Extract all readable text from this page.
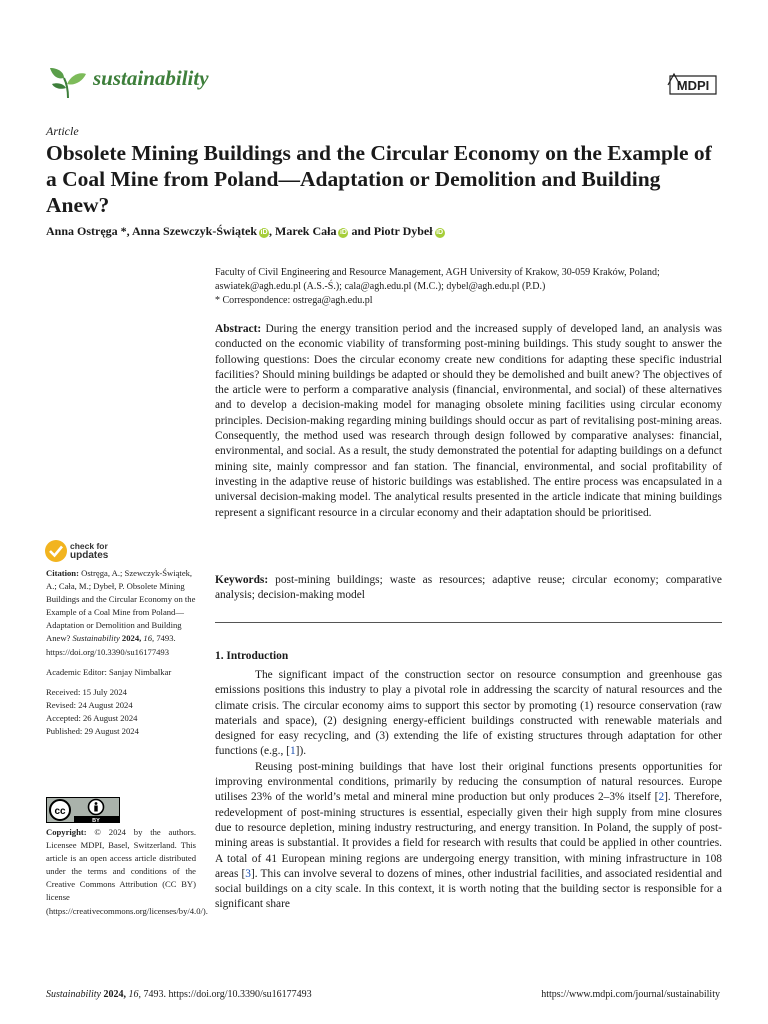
sustainability	MDPI
Article
Obsolete Mining Buildings and the Circular Economy on the Example of a Coal Mine from Poland—Adaptation or Demolition and Building Anew?
Anna Ostręga *, Anna Szewczyk-Świątek iD , Marek Cała iD and Piotr Dybeł iD
Faculty of Civil Engineering and Resource Management, AGH University of Krakow, 30-059 Kraków, Poland;
aswiatek@agh.edu.pl (A.S.-Ś.); cala@agh.edu.pl (M.C.); dybel@agh.edu.pl (P.D.)
* Correspondence: ostrega@agh.edu.pl
Abstract: During the energy transition period and the increased supply of developed land, an analysis was conducted on the economic viability of transforming post-mining buildings. This study sought to answer the following questions: Does the circular economy create new conditions for adapting these specific industrial facilities? Should mining buildings be adapted or should they be demolished and built anew? The objectives of the article were to perform a comparative analysis (financial, environmental, and social) of these alternatives and to develop a decision-making model for managing obsolete mining facilities using circular economy principles. Decision-making regarding mining buildings should occur as part of revitalising post-mining areas. Consequently, the method used was research through design followed by comparative analyses: financial, environmental, and social. As a result, the study demonstrated the potential for adapting buildings on a defunct mining site, mainly compressor and fan station. The financial, environmental, and social profitability of investing in the adaptive reuse of historic buildings was established. The entire process was encapsulated in a universal decision-making model. The analytical results presented in the article indicate that mining buildings represent a significant resource in a circular economy and their adaptation should be prioritised.
Keywords: post-mining buildings; waste as resources; adaptive reuse; circular economy; comparative analysis; decision-making model
check for
updates

Citation: Ostręga, A.; Szewczyk-Świątek, A.; Cała, M.; Dybeł, P. Obsolete Mining Buildings and the Circular Economy on the Example of a Coal Mine from Poland—Adaptation or Demolition and Building Anew? Sustainability 2024, 16, 7493. https://doi.org/10.3390/su16177493

Academic Editor: Sanjay Nimbalkar

Received: 15 July 2024

Revised: 24 August 2024

Accepted: 26 August 2024

Published: 29 August 2024

cc
BY
Copyright: © 2024 by the authors. Licensee MDPI, Basel, Switzerland. This article is an open access article distributed under the terms and conditions of the Creative Commons Attribution (CC BY) license (https://creativecommons.org/licenses/by/4.0/).
1. Introduction

The significant impact of the construction sector on resource consumption and greenhouse gas emissions positions this industry to play a pivotal role in addressing the scarcity of natural resources and the climate crisis. The circular economy aims to support this sector by promoting (1) resource conservation (raw materials and space), (2) designing energy-efficient buildings constructed with renewable materials and designed for easy recycling, and (3) extending the life of existing structures through adaptation for other functions (e.g., [1]).

Reusing post-mining buildings that have lost their original functions presents opportunities for improving environmental conditions, primarily by reducing the consumption of natural resources. Europe utilises 23% of the world’s metal and mineral mine production but only produces 2–3% itself [2]. Therefore, redevelopment of post-mining structures is essential, especially given their high supply from mine closures due to resource depletion, mining industry restructuring, and energy transition. In Poland, the supply of post-mining areas is substantial. It provides a field for research with results that could be applied in other countries. A total of 41 European mining regions are undergoing energy transition, with mining infrastructure in 108 areas [3]. This can involve several to dozens of mines, other industrial facilities, and associated residential and social buildings on a city scale. In this context, it is worth noting that the building sector is responsible for a significant share

Sustainability 2024, 16, 7493. https://doi.org/10.3390/su16177493	https://www.mdpi.com/journal/sustainability
